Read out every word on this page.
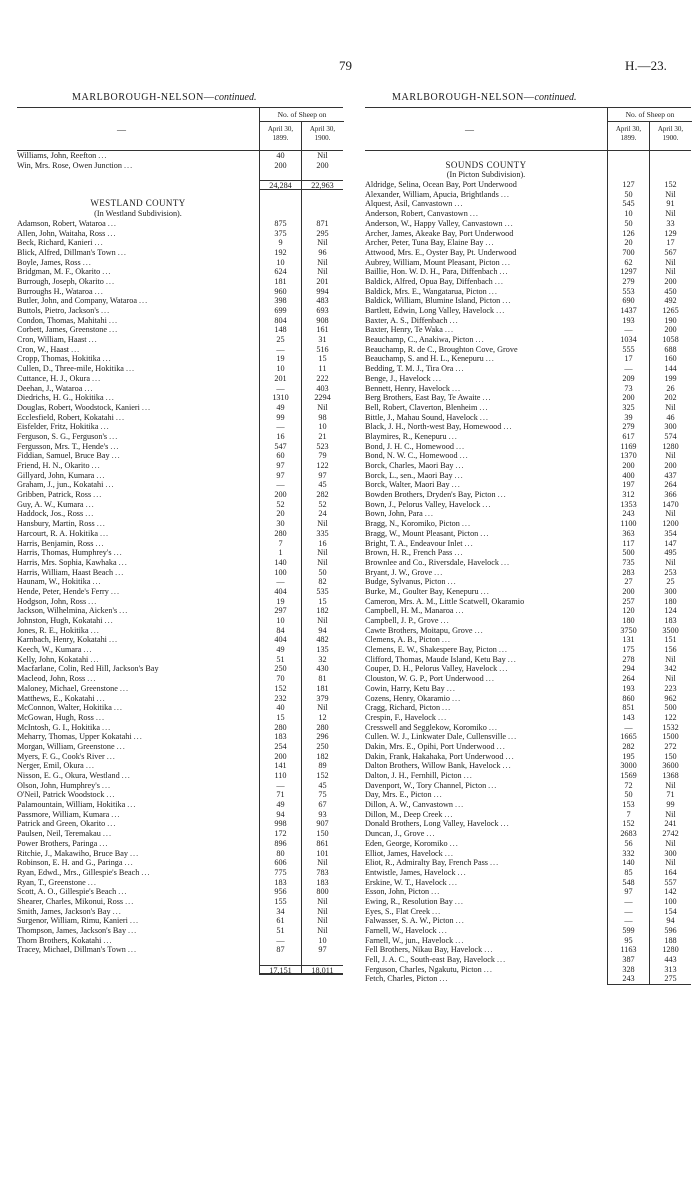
79	H.—23.
MARLBOROUGH-NELSON—continued.	MARLBOROUGH-NELSON—continued.
—
No. of Sheep on
April 30,
1899.
April 30,
1900.
Williams, John, Reefton ...	40	Nil
Win, Mrs. Rose, Owen Junction ...	200	200
24,284	22,963
WESTLAND COUNTY
(In Westland Subdivision).
Adamson, Robert, Wataroa ...	875	871
Allen, John, Waitaha, Ross ...	375	295
Beck, Richard, Kanieri ...	9	Nil
Blick, Alfred, Dillman's Town ...	192	96
Boyle, James, Ross ...	10	Nil
Bridgman, M. F., Okarito ...	624	Nil
Burrough, Joseph, Okarito ...	181	201
Burroughs H., Wataroa ...	960	994
Butler, John, and Company, Wataroa ...	398	483
Buttols, Pietro, Jackson's ...	699	693
Condon, Thomas, Mahitahi ...	804	908
Corbett, James, Greenstone ...	148	161
Cron, William, Haast ...	25	31
Cron, W., Haast ...	—	516
Cropp, Thomas, Hokitika ...	19	15
Cullen, D., Three-mile, Hokitika ...	10	11
Cuttance, H. J., Okura ...	201	222
Deehan, J., Wataroa ...	—	403
Diedrichs, H. G., Hokitika ...	1310	2294
Douglas, Robert, Woodstock, Kanieri ...	49	Nil
Ecclesfield, Robert, Kokatahi ...	99	98
Eisfelder, Fritz, Hokitika ...	—	10
Ferguson, S. G., Ferguson's ...	16	21
Fergusson, Mrs. T., Hende's ...	547	523
Fiddian, Samuel, Bruce Bay ...	60	79
Friend, H. N., Okarito ...	97	122
Gillyard, John, Kumara ...	97	97
Graham, J., jun., Kokatahi ...	—	45
Gribben, Patrick, Ross ...	200	282
Guy, A. W., Kumara ...	52	52
Haddock, Jos., Ross ...	20	24
Hansbury, Martin, Ross ...	30	Nil
Harcourt, R. A. Hokitika ...	280	335
Harris, Benjamin, Ross ...	7	16
Harris, Thomas, Humphrey's ...	1	Nil
Harris, Mrs. Sophia, Kawhaka ...	140	Nil
Harris, William, Haast Beach ...	100	50
Haunam, W., Hokitika ...	—	82
Hende, Peter, Hende's Ferry ...	404	535
Hodgson, John, Ross ...	19	15
Jackson, Wilhelmina, Aicken's ...	297	182
Johnston, Hugh, Kokatahi ...	10	Nil
Jones, R. E., Hokitika ...	84	94
Karnbach, Henry, Kokatahi ...	404	482
Keech, W., Kumara ...	49	135
Kelly, John, Kokatahi ...	51	32
Macfarlane, Colin, Red Hill, Jackson's Bay	250	430
Macleod, John, Ross ...	70	81
Maloney, Michael, Greenstone ...	152	181
Matthews, E., Kokatahi ...	232	379
McConnon, Walter, Hokitika ...	40	Nil
McGowan, Hugh, Ross ...	15	12
McIntosh, G. I., Hokitika ...	280	280
Meharry, Thomas, Upper Kokatahi ...	183	296
Morgan, William, Greenstone ...	254	250
Myers, F. G., Cook's River ...	200	182
Nerger, Emil, Okura ...	141	89
Nisson, E. G., Okura, Westland ...	110	152
Olson, John, Humphrey's ...	—	45
O'Neil, Patrick Woodstock ...	71	75
Palamountain, William, Hokitika ...	49	67
Passmore, William, Kumara ...	94	93
Patrick and Green, Okarito ...	998	907
Paulsen, Neil, Teremakau ...	172	150
Power Brothers, Paringa ...	896	861
Ritchie, J., Makawiho, Bruce Bay ...	80	101
Robinson, E. H. and G., Paringa ...	606	Nil
Ryan, Edwd., Mrs., Gillespie's Beach ...	775	783
Ryan, T., Greenstone ...	183	183
Scott, A. O., Gillespie's Beach ...	956	800
Shearer, Charles, Mikonui, Ross ...	155	Nil
Smith, James, Jackson's Bay ...	34	Nil
Surgenor, William, Rimu, Kanieri ...	61	Nil
Thompson, James, Jackson's Bay ...	51	Nil
Thorn Brothers, Kokatahi ...	—	10
Tracey, Michael, Dillman's Town ...	87	97
17,151	18,011
—
No. of Sheep on
April 30,
1899.
April 30,
1900.
SOUNDS COUNTY
(In Picton Subdivision).
Aldridge, Selina, Ocean Bay, Port Underwood	127	152
Alexander, William, Apucia, Brightlands ...	50	Nil
Alquest, Asil, Canvastown ...	545	91
Anderson, Robert, Canvastown ...	10	Nil
Anderson, W., Happy Valley, Canvastown ...	50	33
Archer, James, Akeake Bay, Port Underwood	126	129
Archer, Peter, Tuna Bay, Elaine Bay ...	20	17
Attwood, Mrs. E., Oyster Bay, Pt. Underwood	700	567
Aubrey, William, Mount Pleasant, Picton ...	62	Nil
Baillie, Hon. W. D. H., Para, Diffenbach ...	1297	Nil
Baldick, Alfred, Opua Bay, Diffenbach ...	279	200
Baldick, Mrs. E., Wangatarua, Picton ...	553	450
Baldick, William, Blumine Island, Picton ...	690	492
Bartlett, Edwin, Long Valley, Havelock ...	1437	1265
Baxter, A. S., Diffenbach ...	193	190
Baxter, Henry, Te Waka ...	—	200
Beauchamp, C., Anakiwa, Picton ...	1034	1058
Beauchamp, R. de C., Broughton Cove, Grove	555	688
Beauchamp, S. and H. L., Kenepuru ...	17	160
Bedding, T. M. J., Tira Ora ...	—	144
Benge, J., Havelock ...	209	199
Bennett, Henry, Havelock ...	73	26
Berg Brothers, East Bay, Te Awaite ...	200	202
Bell, Robert, Claverton, Blenheim ...	325	Nil
Bittle, J., Mahau Sound, Havelock ...	39	46
Black, J. H., North-west Bay, Homewood ...	279	300
Blaymires, R., Kenepuru ...	617	574
Bond, J. H. C., Homewood ...	1169	1280
Bond, N. W. C., Homewood ...	1370	Nil
Borck, Charles, Maori Bay ...	200	200
Borck, L., sen., Maori Bay ...	400	437
Borck, Walter, Maori Bay ...	197	264
Bowden Brothers, Dryden's Bay, Picton ...	312	366
Bown, J., Pelorus Valley, Havelock ...	1353	1470
Bown, John, Para ...	243	Nil
Bragg, N., Koromiko, Picton ...	1100	1200
Bragg, W., Mount Pleasant, Picton ...	363	354
Bright, T. A., Endeavour Inlet ...	117	147
Brown, H. R., French Pass ...	500	495
Brownlee and Co., Riversdale, Havelock ...	735	Nil
Bryant, J. W., Grove ...	283	253
Budge, Sylvanus, Picton ...	27	25
Burke, M., Goulter Bay, Kenepuru ...	200	300
Cameron, Mrs. A. M., Little Scatwell, Okaramio	257	180
Campbell, H. M., Manaroa ...	120	124
Campbell, J. P., Grove ...	180	183
Cawte Brothers, Moitapu, Grove ...	3750	3500
Clemens, A. B., Picton ...	131	151
Clemens, E. W., Shakespere Bay, Picton ...	175	156
Clifford, Thomas, Maude Island, Ketu Bay ...	278	Nil
Couper, D. H., Pelorus Valley, Havelock ...	294	342
Clouston, W. G. P., Port Underwood ...	264	Nil
Cowin, Harry, Ketu Bay ...	193	223
Cozens, Henry, Okaramio ...	860	962
Cragg, Richard, Picton ...	851	500
Crespin, F., Havelock ...	143	122
Cresswell and Segglekow, Koromiko ...	—	1532
Cullen. W. J., Linkwater Dale, Cullensville ...	1665	1500
Dakin, Mrs. E., Opihi, Port Underwood ...	282	272
Dakin, Frank, Hakahaka, Port Underwood ...	195	150
Dalton Brothers, Willow Bank, Havelock ...	3000	3600
Dalton, J. H., Fernhill, Picton ...	1569	1368
Davenport, W., Tory Channel, Picton ...	72	Nil
Day, Mrs. E., Picton ...	50	71
Dillon, A. W., Canvastown ...	153	99
Dillon, M., Deep Creek ...	7	Nil
Donald Brothers, Long Valley, Havelock ...	152	241
Duncan, J., Grove ...	2683	2742
Eden, George, Koromiko ...	56	Nil
Elliot, James, Havelock ...	332	300
Eliot, R., Admiralty Bay, French Pass ...	140	Nil
Entwistle, James, Havelock ...	85	164
Erskine, W. T., Havelock ...	548	557
Esson, John, Picton ...	97	142
Ewing, R., Resolution Bay ...	—	100
Eyes, S., Flat Creek ...	—	154
Falwasser, S. A. W., Picton ...	—	94
Farnell, W., Havelock ...	599	596
Farnell, W., jun., Havelock ...	95	188
Fell Brothers, Nikau Bay, Havelock ...	1163	1280
Fell, J. A. C., South-east Bay, Havelock ...	387	443
Ferguson, Charles, Ngakutu, Picton ...	328	313
Fetch, Charles, Picton ...	243	275
